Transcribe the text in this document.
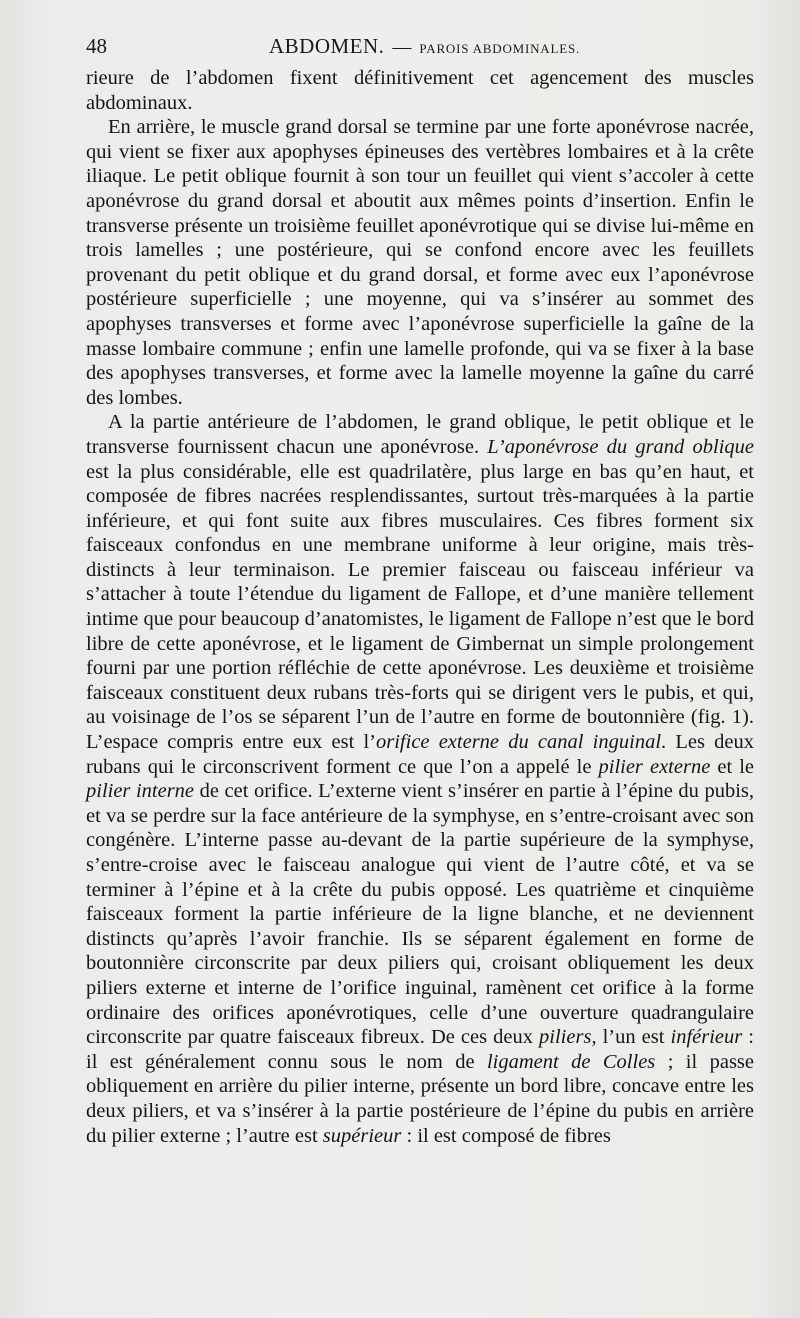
48	ABDOMEN. — PAROIS ABDOMINALES.

rieure de l’abdomen fixent définitivement cet agencement des muscles abdominaux.

En arrière, le muscle grand dorsal se termine par une forte aponévrose nacrée, qui vient se fixer aux apophyses épineuses des vertèbres lombaires et à la crête iliaque. Le petit oblique fournit à son tour un feuillet qui vient s’accoler à cette aponévrose du grand dorsal et aboutit aux mêmes points d’insertion. Enfin le transverse présente un troisième feuillet aponévrotique qui se divise lui-même en trois lamelles ; une postérieure, qui se confond encore avec les feuillets provenant du petit oblique et du grand dorsal, et forme avec eux l’aponévrose postérieure superficielle ; une moyenne, qui va s’insérer au sommet des apophyses transverses et forme avec l’aponévrose superficielle la gaîne de la masse lombaire commune ; enfin une lamelle profonde, qui va se fixer à la base des apophyses transverses, et forme avec la lamelle moyenne la gaîne du carré des lombes.

A la partie antérieure de l’abdomen, le grand oblique, le petit oblique et le transverse fournissent chacun une aponévrose. L’aponévrose du grand oblique est la plus considérable, elle est quadrilatère, plus large en bas qu’en haut, et composée de fibres nacrées resplendissantes, surtout très-marquées à la partie inférieure, et qui font suite aux fibres musculaires. Ces fibres forment six faisceaux confondus en une membrane uniforme à leur origine, mais très-distincts à leur terminaison. Le premier faisceau ou faisceau inférieur va s’attacher à toute l’étendue du ligament de Fallope, et d’une manière tellement intime que pour beaucoup d’anatomistes, le ligament de Fallope n’est que le bord libre de cette aponévrose, et le ligament de Gimbernat un simple prolongement fourni par une portion réfléchie de cette aponévrose. Les deuxième et troisième faisceaux constituent deux rubans très-forts qui se dirigent vers le pubis, et qui, au voisinage de l’os se séparent l’un de l’autre en forme de boutonnière (fig. 1). L’espace compris entre eux est l’orifice externe du canal inguinal. Les deux rubans qui le circonscrivent forment ce que l’on a appelé le pilier externe et le pilier interne de cet orifice. L’externe vient s’insérer en partie à l’épine du pubis, et va se perdre sur la face antérieure de la symphyse, en s’entre-croisant avec son congénère. L’interne passe au-devant de la partie supérieure de la symphyse, s’entre-croise avec le faisceau analogue qui vient de l’autre côté, et va se terminer à l’épine et à la crête du pubis opposé. Les quatrième et cinquième faisceaux forment la partie inférieure de la ligne blanche, et ne deviennent distincts qu’après l’avoir franchie. Ils se séparent également en forme de boutonnière circonscrite par deux piliers qui, croisant obliquement les deux piliers externe et interne de l’orifice inguinal, ramènent cet orifice à la forme ordinaire des orifices aponévrotiques, celle d’une ouverture quadrangulaire circonscrite par quatre faisceaux fibreux. De ces deux piliers, l’un est inférieur : il est généralement connu sous le nom de ligament de Colles ; il passe obliquement en arrière du pilier interne, présente un bord libre, concave entre les deux piliers, et va s’insérer à la partie postérieure de l’épine du pubis en arrière du pilier externe ; l’autre est supérieur : il est composé de fibres
